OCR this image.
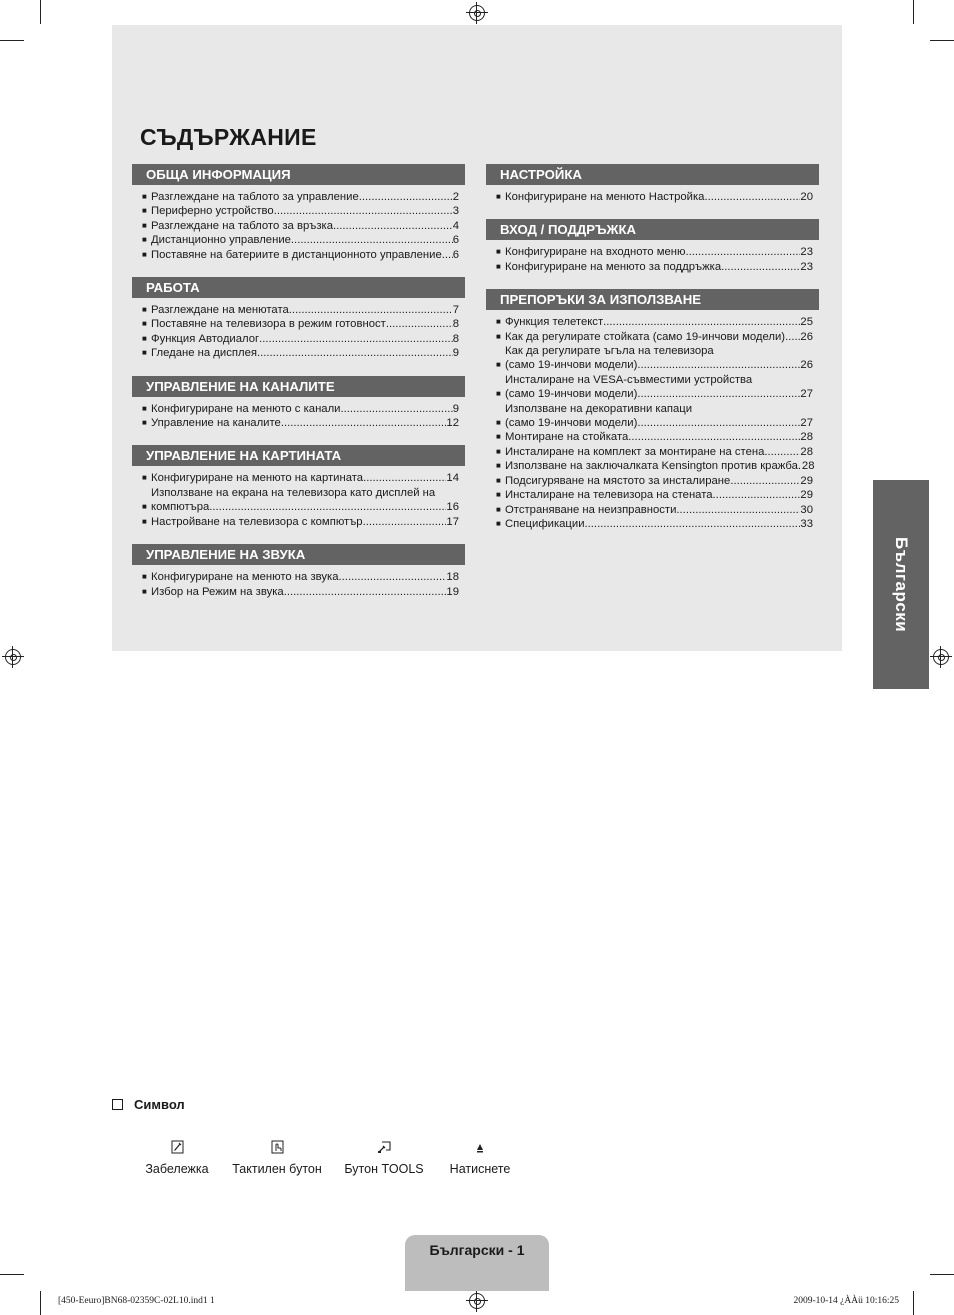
СЪДЪРЖАНИЕ
ОБЩА ИНФОРМАЦИЯ
■ Разглеждане на таблото за управление .....	2
■ Периферно устройство .....	3
■ Разглеждане на таблото за връзка .....	4
■ Дистанционно управление .....	6
■ Поставяне на батериите в дистанционното управление ..... 6
РАБОТА
■ Разглеждане на менютата .....	7
■ Поставяне на телевизора в режим готовност .....	8
■ Функция Автодиалог .....	8
■ Гледане на дисплея .....	9
УПРАВЛЕНИЕ НА КАНАЛИТЕ
■ Конфигуриране на менюто с канали .....	9
■ Управление на каналите .....	12
УПРАВЛЕНИЕ НА КАРТИНАТА
■ Конфигуриране на менюто на картината .....	14
■
Използване на екрана на телевизора като дисплей на
компютъра .....	16
■ Настройване на телевизора с компютър .....	17
УПРАВЛЕНИЕ НА ЗВУКА
■ Конфигуриране на менюто на звука .....	18
■ Избор на Режим на звука .....	19
НАСТРОЙКА
■ Конфигуриране на менюто Настройка .....	20
ВХОД / ПОДДРЪЖКА
■ Конфигуриране на входното меню .....	23
■ Конфигуриране на менюто за поддръжка .....	23
ПРЕПОРЪКИ ЗА ИЗПОЛЗВАНЕ
■ Функция телетекст .....	25
■ Как да регулирате стойката (само 19-инчови модели) ..... 26
■
Как да регулирате ъгъла на телевизора
(само 19-инчови модели) .....	26
■
Инсталиране на VESA-съвместими устройства
(само 19-инчови модели) .....	27
■
Използване на декоративни капаци
(само 19-инчови модели) .....	27
■ Монтиране на стойката .....	28
■ Инсталиране на комплект за монтиране на стена .....	28
■ Използване на заключалката Kensington против кражба ..... 28
■ Подсигуряване на мястото за инсталиране .....	29
■ Инсталиране на телевизора на стената .....	29
■ Отстраняване на неизправности .....	30
■ Спецификации .....	33
Български
Символ
Забележка	Тактилен бутон	Бутон TOOLS	Натиснете
Български - 1
[450-Eeuro]BN68-02359C-02L10.ind1 1	2009-10-14 ¿ÀÀü 10:16:25
